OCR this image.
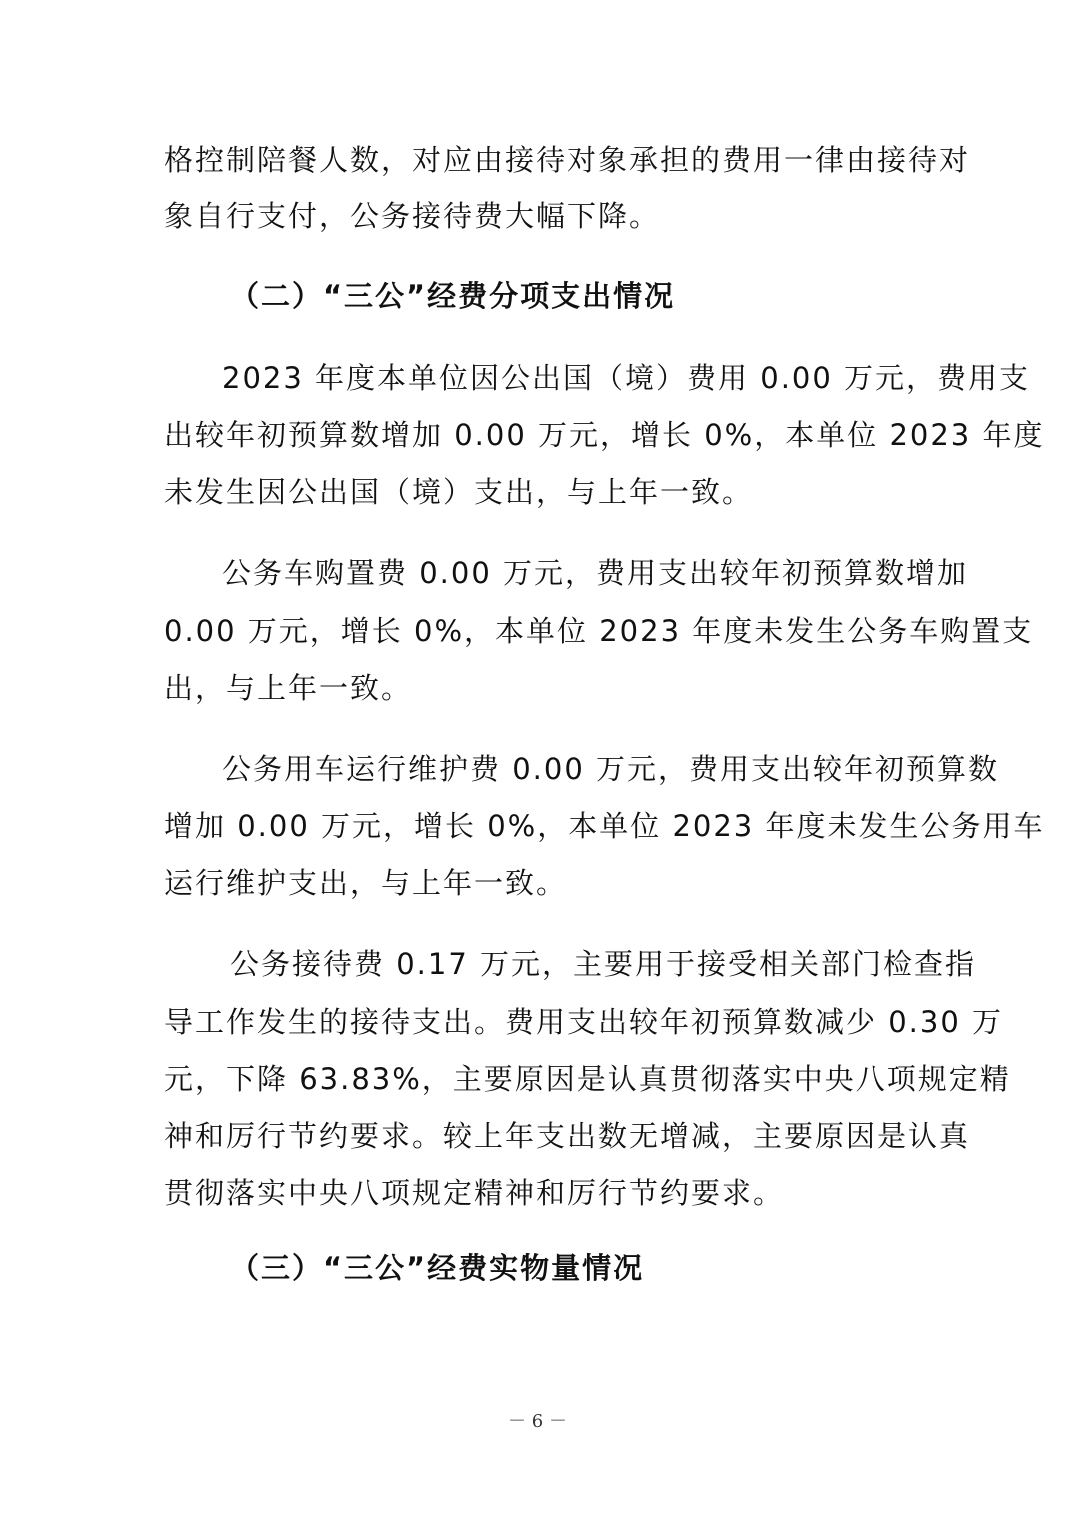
格控制陪餐人数，对应由接待对象承担的费用一律由接待对
象自行支付，公务接待费大幅下降。
（二）“三公”经费分项支出情况
2023 年度本单位因公出国（境）费用 0.00 万元，费用支
出较年初预算数增加 0.00 万元，增长 0%，本单位 2023 年度
未发生因公出国（境）支出，与上年一致。
公务车购置费 0.00 万元，费用支出较年初预算数增加
0.00 万元，增长 0%，本单位 2023 年度未发生公务车购置支
出，与上年一致。
公务用车运行维护费 0.00 万元，费用支出较年初预算数
增加 0.00 万元，增长 0%，本单位 2023 年度未发生公务用车
运行维护支出，与上年一致。
公务接待费 0.17 万元，主要用于接受相关部门检查指
导工作发生的接待支出。费用支出较年初预算数减少 0.30 万
元，下降 63.83%，主要原因是认真贯彻落实中央八项规定精
神和厉行节约要求。较上年支出数无增减，主要原因是认真
贯彻落实中央八项规定精神和厉行节约要求。
（三）“三公”经费实物量情况
－ 6 －
